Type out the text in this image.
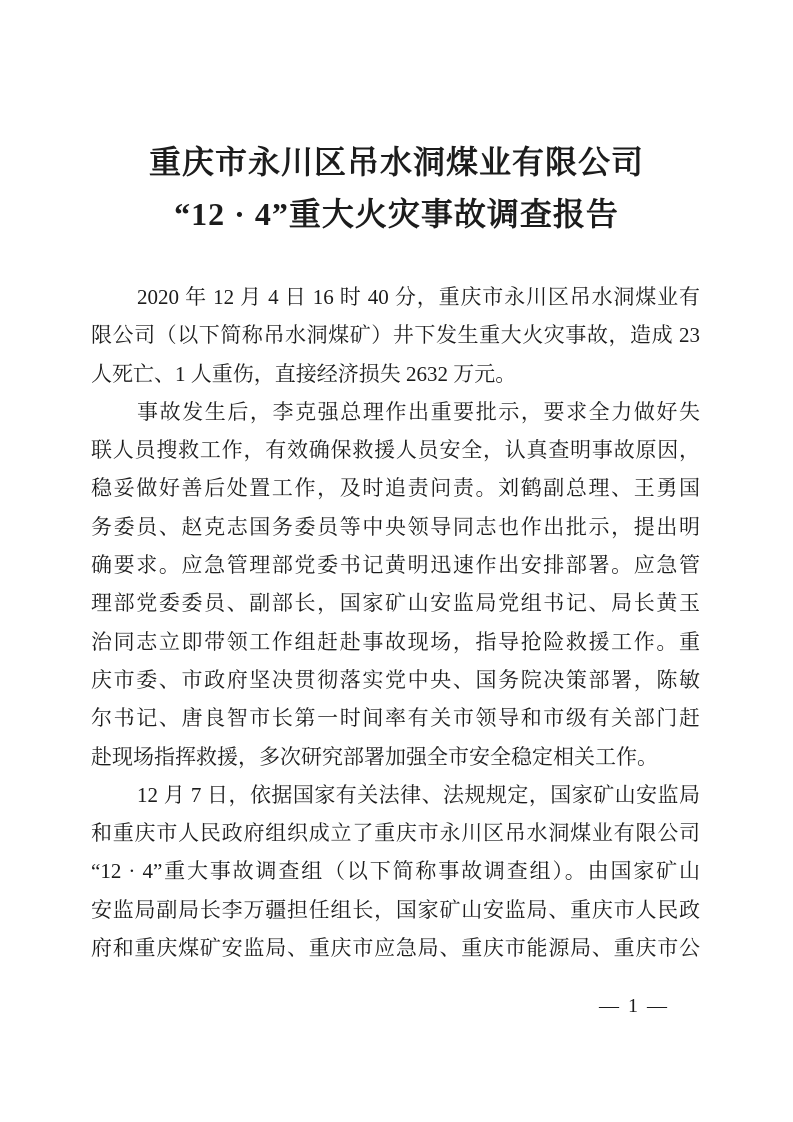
重庆市永川区吊水洞煤业有限公司
“12 · 4”重大火灾事故调查报告
2020 年 12 月 4 日 16 时 40 分，重庆市永川区吊水洞煤业有
限公司（以下简称吊水洞煤矿）井下发生重大火灾事故，造成 23
人死亡、1 人重伤，直接经济损失 2632 万元。
事故发生后，李克强总理作出重要批示，要求全力做好失
联人员搜救工作，有效确保救援人员安全，认真查明事故原因，
稳妥做好善后处置工作，及时追责问责。刘鹤副总理、王勇国
务委员、赵克志国务委员等中央领导同志也作出批示，提出明
确要求。应急管理部党委书记黄明迅速作出安排部署。应急管
理部党委委员、副部长，国家矿山安监局党组书记、局长黄玉
治同志立即带领工作组赶赴事故现场，指导抢险救援工作。重
庆市委、市政府坚决贯彻落实党中央、国务院决策部署，陈敏
尔书记、唐良智市长第一时间率有关市领导和市级有关部门赶
赴现场指挥救援，多次研究部署加强全市安全稳定相关工作。
12 月 7 日，依据国家有关法律、法规规定，国家矿山安监局
和重庆市人民政府组织成立了重庆市永川区吊水洞煤业有限公司
“12 · 4”重大事故调查组（以下简称事故调查组）。由国家矿山
安监局副局长李万疆担任组长，国家矿山安监局、重庆市人民政
府和重庆煤矿安监局、重庆市应急局、重庆市能源局、重庆市公
— 1 —
